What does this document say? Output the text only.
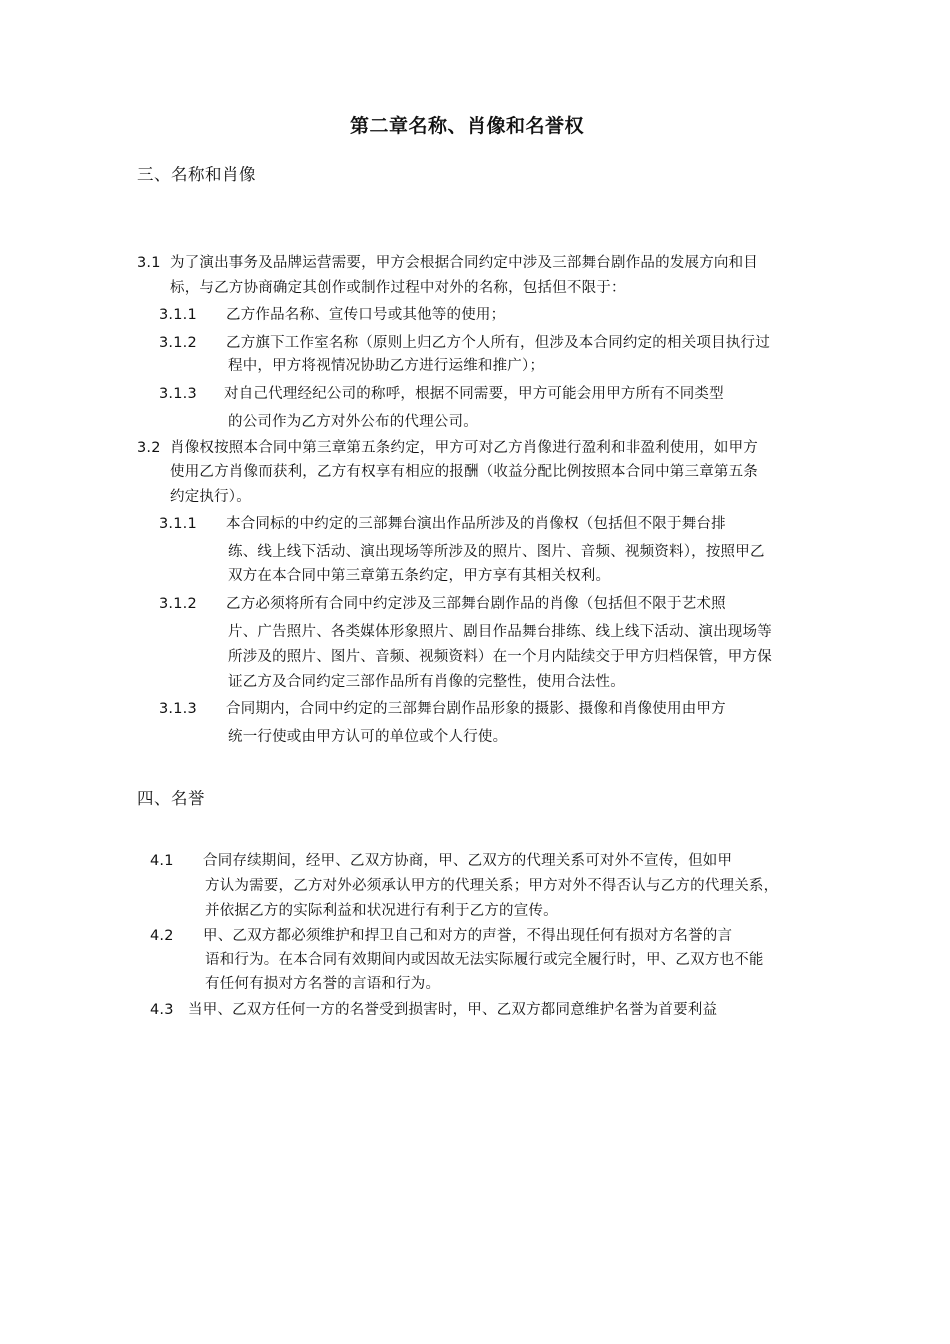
第二章名称、肖像和名誉权
三、名称和肖像
3.1 为了演出事务及品牌运营需要，甲方会根据合同约定中涉及三部舞台剧作品的发展方向和目
标，与乙方协商确定其创作或制作过程中对外的名称，包括但不限于：
3.1.1 乙方作品名称、宣传口号或其他等的使用；
3.1.2 乙方旗下工作室名称（原则上归乙方个人所有，但涉及本合同约定的相关项目执行过
程中，甲方将视情况协助乙方进行运维和推广）；
3.1.3 对自己代理经纪公司的称呼，根据不同需要，甲方可能会用甲方所有不同类型
的公司作为乙方对外公布的代理公司。
3.2 肖像权按照本合同中第三章第五条约定，甲方可对乙方肖像进行盈利和非盈利使用，如甲方
使用乙方肖像而获利，乙方有权享有相应的报酬（收益分配比例按照本合同中第三章第五条
约定执行）。
3.1.1 本合同标的中约定的三部舞台演出作品所涉及的肖像权（包括但不限于舞台排
练、线上线下活动、演出现场等所涉及的照片、图片、音频、视频资料），按照甲乙
双方在本合同中第三章第五条约定，甲方享有其相关权利。
3.1.2 乙方必须将所有合同中约定涉及三部舞台剧作品的肖像（包括但不限于艺术照
片、广告照片、各类媒体形象照片、剧目作品舞台排练、线上线下活动、演出现场等
所涉及的照片、图片、音频、视频资料）在一个月内陆续交于甲方归档保管，甲方保
证乙方及合同约定三部作品所有肖像的完整性，使用合法性。
3.1.3 合同期内，合同中约定的三部舞台剧作品形象的摄影、摄像和肖像使用由甲方
统一行使或由甲方认可的单位或个人行使。
四、名誉
4.1 合同存续期间，经甲、乙双方协商，甲、乙双方的代理关系可对外不宣传，但如甲
方认为需要，乙方对外必须承认甲方的代理关系；甲方对外不得否认与乙方的代理关系，
并依据乙方的实际利益和状况进行有利于乙方的宣传。
4.2 甲、乙双方都必须维护和捍卫自己和对方的声誉，不得出现任何有损对方名誉的言
语和行为。在本合同有效期间内或因故无法实际履行或完全履行时，甲、乙双方也不能
有任何有损对方名誉的言语和行为。
4.3 当甲、乙双方任何一方的名誉受到损害时，甲、乙双方都同意维护名誉为首要利益
